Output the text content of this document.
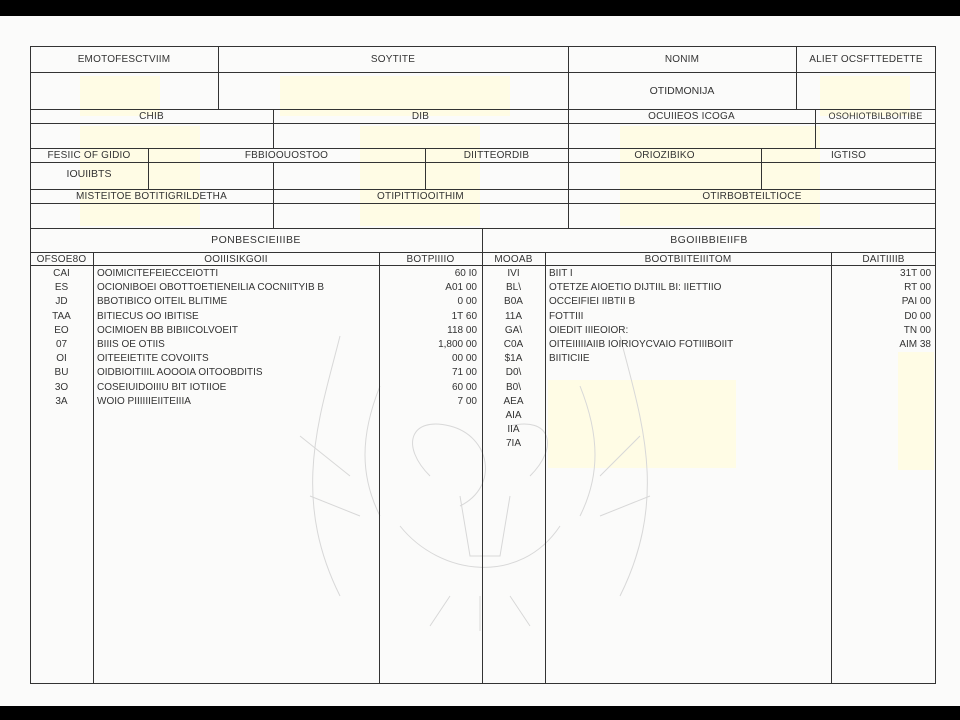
EMOTOFESCTVIIM	SOYTITE	NONIM	ALIET OCSFTTEDETTE
OTIDMONIJA
CHIB	DIB	OCUIIEOS ICOGA	OSOHIOTBILBOITIBE
FESIIC OF GIDIO	FBBIOOUOSTOO	DIITTEORDIB	ORIOZIBIKO	IGTISO
IOUIIBTS
MISTEITOE BOTITIGRILDETHA	OTIPITTIOOITHIM	OTIRBOBTEILTIOCE
PONBESCIEIIIBE
OFSOE8O	OOIIISIKGOII	BOTPIIIIO
CAI	OOIMICITEFEIECCEIOTTI	60 I0
ES	OCIONIBOEI OBOTTOETIENEILIA COCNIITYIB B	A01 00
JD	BBOTIBICO OITEIL BLITIME	0 00
TAA	BITIECUS OO IBITISE	1T 60
EO	OCIMIOEN BB BIBIICOLVOEIT	118 00
07	BIIIS OE OTIIS	1,800 00
OI	OITEEIETITE COVOIITS	00 00
BU	OIDBIOITIIIL AOOOIA OITOOBDITIS	71 00
3O	COSEIUIDOIIIU BIT IOTIIOE	60 00
3A	WOIO PIIIIIIEIITEIIIA	7 00
BGOIIBBIEIIFB
MOOAB	BOOTBIITEIIITOM	DAITIIIIB
IVI	BIIT I	31T 00
BL\	OTETZE AIOETIO DIJTIIL BI: IIETTIIO	RT 00
B0A	OCCEIFIEI IIBTII B	PAI 00
11A	FOTTIII	D0 00
GA\	OIEDIT IIIEOIOR:	TN 00
C0A	OITEIIIIIAIIB IOIRIOYCVAIO FOTIIIBOIIT	AIM 38
$1A	BIITICIIE
D0\
B0\
AEA
AIA
IIA
7IA
